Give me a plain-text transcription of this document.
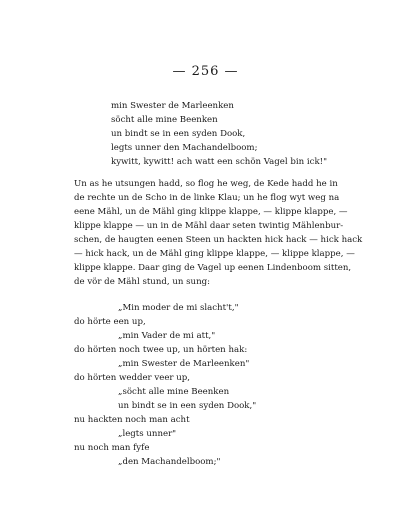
— 256 —
min Swester de Marleenken
söcht alle mine Beenken
un bindt se in een syden Dook,
legts unner den Machandelboom;
kywitt, kywitt! ach watt een schön Vagel bin ick!"
Un as he utsungen hadd, so flog he weg, de Kede hadd he in
de rechte un de Scho in de linke Klau; un he flog wyt weg na
eene Mähl, un de Mähl ging klippe klappe, — klippe klappe, —
klippe klappe — un in de Mähl daar seten twintig Mählenbur-
schen, de haugten eenen Steen un hackten hick hack — hick hack
— hick hack, un de Mähl ging klippe klappe, — klippe klappe, —
klippe klappe. Daar ging de Vagel up eenen Lindenboom sitten,
de vör de Mähl stund, un sung:
„Min moder de mi slacht't,"
do hörte een up,
„min Vader de mi att,"
do hörten noch twee up, un hörten hak:
„min Swester de Marleenken"
do hörten wedder veer up,
„söcht alle mine Beenken
un bindt se in een syden Dook,"
nu hackten noch man acht
„legts unner"
nu noch man fyfe
„den Machandelboom;"
